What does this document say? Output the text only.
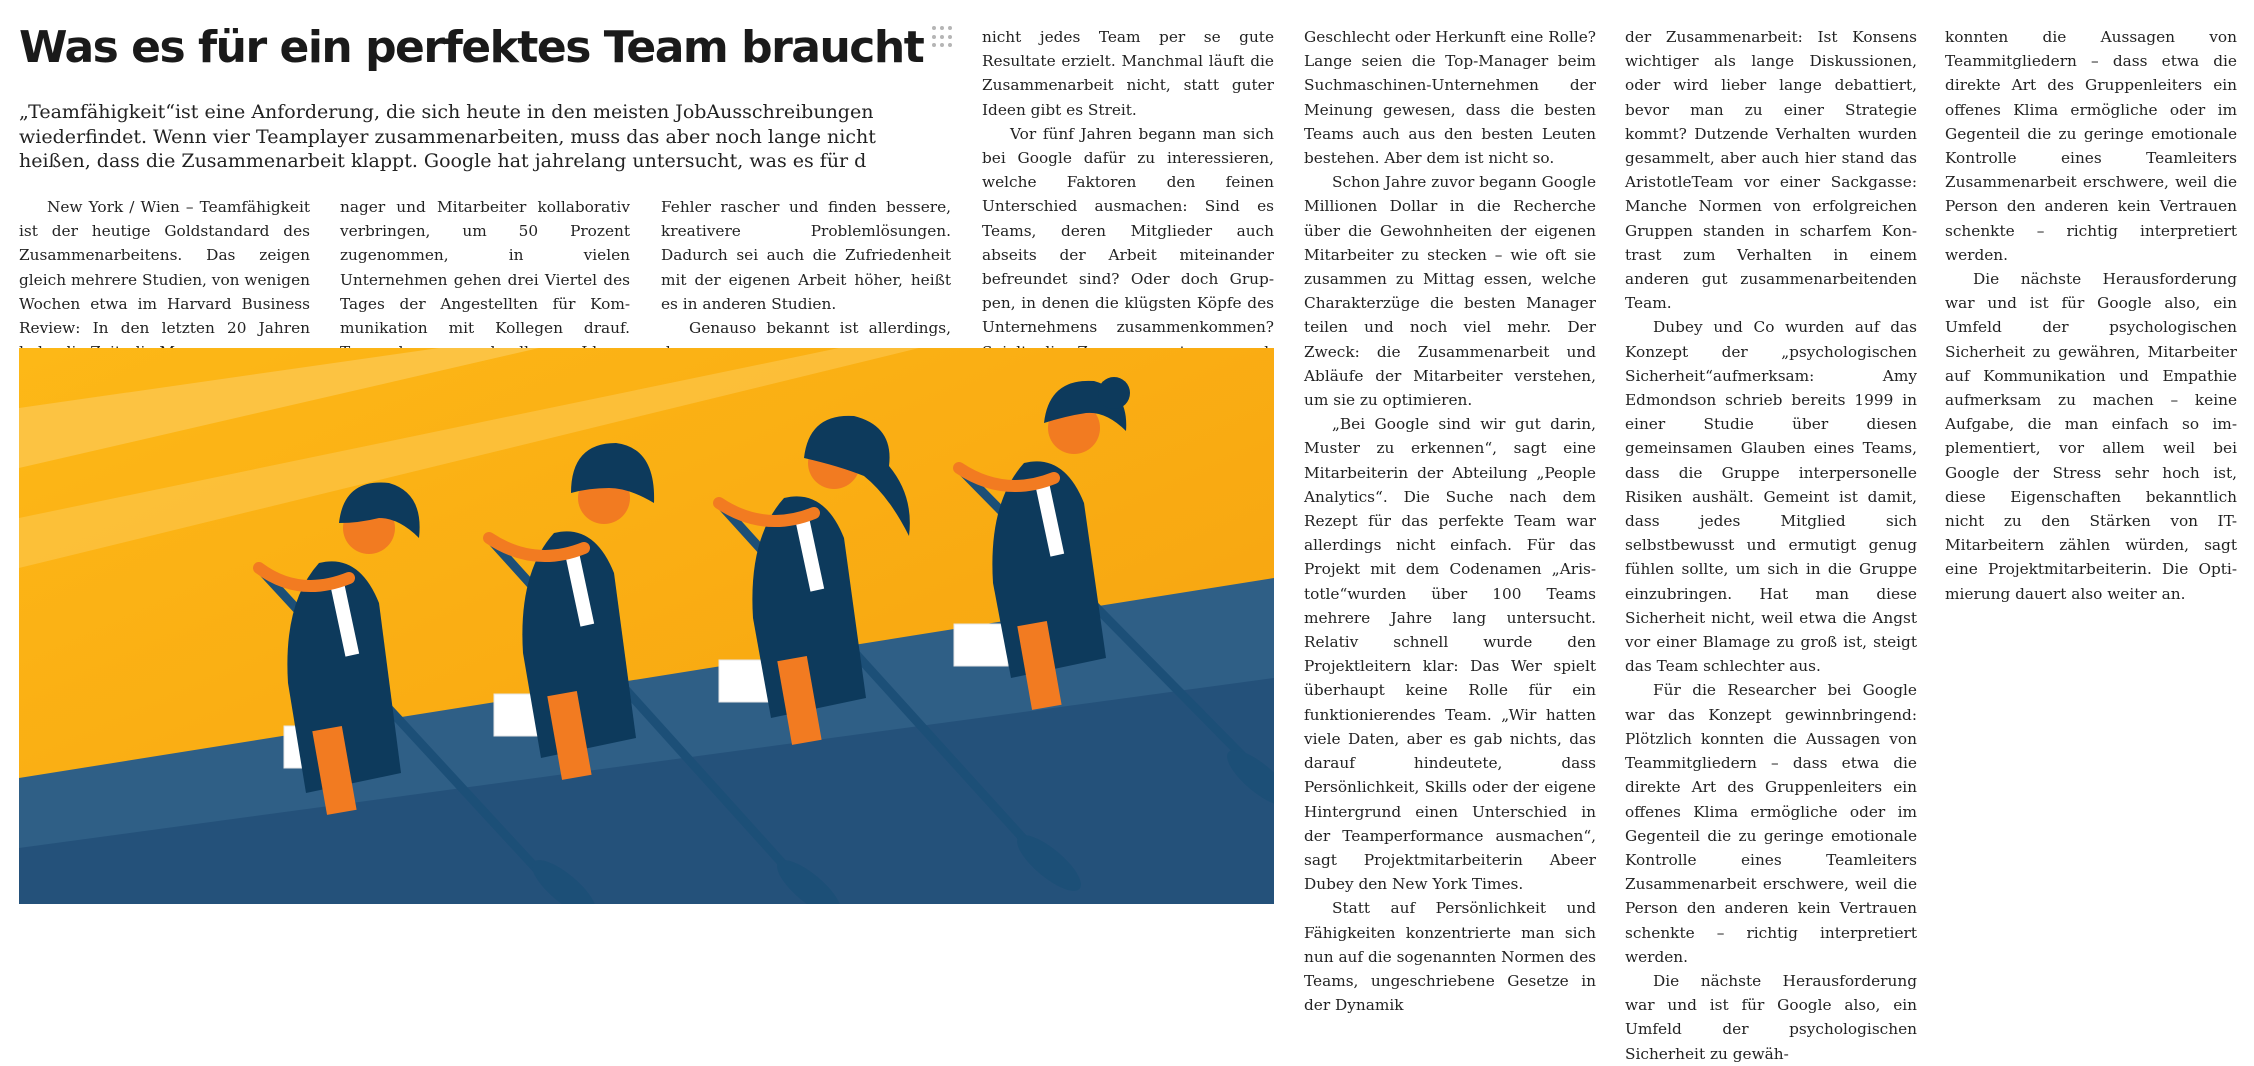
Was es für ein perfektes Team braucht

„Teamfähigkeit“ist eine Anforderung, die sich heute in den meisten JobAusschreibungen wiederfindet. Wenn vier Teamplayer zusammenarbeiten, muss das aber noch lange nicht heißen, dass die Zusammenarbeit klappt. Google hat jahrelang untersucht, was es für d

New York / Wien – Teamfähigkeit ist der heutige Goldstandard des Zusammenarbeitens. Das zeigen gleich mehrere Studien, von wenigen Wochen etwa im Harvard Business Review: In den letzten 20 Jahren

nager und Mitarbeiter kollaborativ verbringen, um 50 Prozent zugenommen, in vielen Unternehmen gehen drei Viertel des Tages der Angestellten für Kommunikation mit Kollegen drauf.

Fehler rascher und finden bessere, kreativere Problemlösungen. Dadurch sei auch die Zufriedenheit mit der eigenen Arbeit höher, heißt es in anderen Studien.

Genauso bekannt ist allerdings,

nicht jedes Team per se gute Resultate erzielt. Manchmal läuft die Zusammenarbeit nicht, statt guter Ideen gibt es Streit.

Vor fünf Jahren begann man sich bei Google dafür zu interessieren, welche Faktoren den feinen Unterschied ausmachen: Sind es Teams, deren Mitglieder auch abseits der Arbeit miteinander befreundet sind? Oder doch Gruppen, in denen die klügsten Köpfe des Unternehmens zusammenkommen?

Geschlecht oder Herkunft eine Rolle? Lange seien die Top-Manager beim Suchmaschinen-Unternehmen der Meinung gewesen, dass die besten Teams auch aus den besten Leuten bestehen. Aber dem ist nicht so.

Schon Jahre zuvor begann Google Millionen Dollar in die Recherche über die Gewohnheiten der eigenen Mitarbeiter zu stecken – wie oft sie zusammen zu Mittag essen, welche Charakterzüge die besten Manager teilen und noch viel mehr. Der Zweck: die Zusammenarbeit und Abläufe der Mitarbeiter verstehen, um sie zu optimieren.

„Bei Google sind wir gut darin, Muster zu erkennen“, sagt eine Mitarbeiterin der Abteilung „People Analytics“. Die Suche nach dem Rezept für das perfekte Team war allerdings nicht einfach. Für das Projekt mit dem Codenamen „Aristotle“wurden über 100 Teams mehrere Jahre lang untersucht. Relativ schnell wurde den Projektleitern klar: Das Wer spielt überhaupt keine Rolle für ein funktionierendes Team. „Wir hatten viele Daten, aber es gab nichts, das darauf hindeutete, dass Persönlichkeit, Skills oder der eigene Hintergrund einen Unterschied in der Teamperformance ausmachen“, sagt Projektmitarbeiterin Abeer Dubey den New York Times.

Statt auf Persönlichkeit und Fähigkeiten konzentrierte man sich nun auf die sogenannten Normen des Teams, ungeschriebene Gesetze in der Dynamik

der Zusammenarbeit: Ist Konsens wichtiger als lange Diskussionen, oder wird lieber lange debattiert, bevor man zu einer Strategie kommt? Dutzende Verhalten wurden gesammelt, aber auch hier stand das AristotleTeam vor einer Sackgasse: Manche Normen von erfolgreichen Gruppen standen in scharfem Kontrast zum Verhalten in einem anderen gut zusammenarbeitenden Team.

Dubey und Co wurden auf das Konzept der „psychologischen Sicherheit“aufmerksam: Amy Edmondson schrieb bereits 1999 in einer Studie über diesen gemeinsamen Glauben eines Teams, dass die Gruppe interpersonelle Risiken aushält. Gemeint ist damit, dass jedes Mitglied sich selbstbewusst und ermutigt genug fühlen sollte, um sich in die Gruppe einzubringen. Hat man diese Sicherheit nicht, weil etwa die Angst vor einer Blamage zu groß ist, steigt das Team schlechter aus.

Für die Researcher bei Google war das Konzept gewinnbringend: Plötzlich konnten die Aussagen von Teammitgliedern – dass etwa die direkte Art des Gruppenleiters ein offenes Klima ermögliche oder im Gegenteil die zu geringe emotionale Kontrolle eines Teamleiters Zusammenarbeit erschwere, weil die Person den anderen kein Vertrauen schenkte – richtig interpretiert werden.

Die nächste Herausforderung war und ist für Google also, ein Umfeld der psychologischen Sicherheit zu gewäh-

konnten die Aussagen von Teammitgliedern – dass etwa die direkte Art des Gruppenleiters ein offenes Klima ermögliche oder im Gegenteil die zu geringe emotionale Kontrolle eines Teamleiters Zusammenarbeit erschwere, weil die Person den anderen kein Vertrauen schenkte – richtig interpretiert werden.

Die nächste Herausforderung war und ist für Google also, ein Umfeld der psychologischen Sicherheit zu gewähren, Mitarbeiter auf Kommunikation und Empathie aufmerksam zu machen – keine Aufgabe, die man einfach so implementiert, vor allem weil bei Google der Stress sehr hoch ist, diese Eigenschaften bekanntlich nicht zu den Stärken von IT-Mitarbeitern zählen würden, sagt eine Projektmitarbeiterin. Die Optimierung dauert also weiter an.
